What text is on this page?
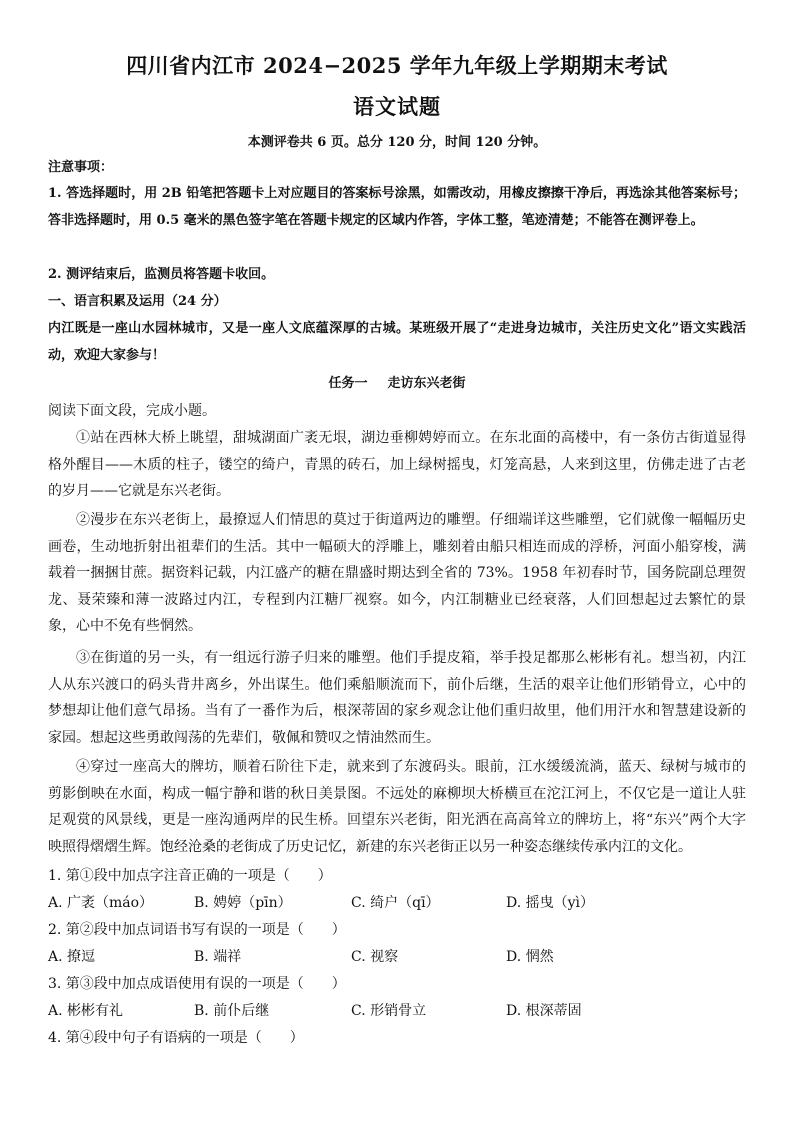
四川省内江市 2024−2025 学年九年级上学期期末考试
语文试题
本测评卷共 6 页。总分 120 分，时间 120 分钟。
注意事项：
1. 答选择题时，用 2B 铅笔把答题卡上对应题目的答案标号涂黑，如需改动，用橡皮擦擦干净后，再选涂其他答案标号；答非选择题时，用 0.5 毫米的黑色签字笔在答题卡规定的区域内作答，字体工整，笔迹清楚；不能答在测评卷上。
2. 测评结束后，监测员将答题卡收回。
一、语言积累及运用（24 分）
内江既是一座山水园林城市，又是一座人文底蕴深厚的古城。某班级开展了“走进身边城市，关注历史文化”语文实践活动，欢迎大家参与！
任务一 走访东兴老街
阅读下面文段，完成小题。
①站在西林大桥上眺望，甜城湖面广袤无垠，湖边垂柳娉婷而立。在东北面的高楼中，有一条仿古街道显得格外醒目——木质的柱子，镂空的绮户，青黑的砖石，加上绿树摇曳，灯笼高悬，人来到这里，仿佛走进了古老的岁月——它就是东兴老街。
②漫步在东兴老街上，最撩逗人们情思的莫过于街道两边的雕塑。仔细端详这些雕塑，它们就像一幅幅历史画卷，生动地折射出祖辈们的生活。其中一幅硕大的浮雕上，雕刻着由船只相连而成的浮桥，河面小船穿梭，满载着一捆捆甘蔗。据资料记载，内江盛产的糖在鼎盛时期达到全省的 73%。1958 年初春时节，国务院副总理贺龙、聂荣臻和薄一波路过内江，专程到内江糖厂视察。如今，内江制糖业已经衰落，人们回想起过去繁忙的景象，心中不免有些惘然。
③在街道的另一头，有一组远行游子归来的雕塑。他们手提皮箱，举手投足都那么彬彬有礼。想当初，内江人从东兴渡口的码头背井离乡，外出谋生。他们乘船顺流而下，前仆后继，生活的艰辛让他们形销骨立，心中的梦想却让他们意气昂扬。当有了一番作为后，根深蒂固的家乡观念让他们重归故里，他们用汗水和智慧建设新的家园。想起这些勇敢闯荡的先辈们，敬佩和赞叹之情油然而生。
④穿过一座高大的牌坊，顺着石阶往下走，就来到了东渡码头。眼前，江水缓缓流淌，蓝天、绿树与城市的剪影倒映在水面，构成一幅宁静和谐的秋日美景图。不远处的麻柳坝大桥横亘在沱江河上，不仅它是一道让人驻足观赏的风景线，更是一座沟通两岸的民生桥。回望东兴老街，阳光洒在高高耸立的牌坊上，将“东兴”两个大字映照得熠熠生辉。饱经沧桑的老街成了历史记忆，新建的东兴老街正以另一种姿态继续传承内江的文化。
1. 第①段中加点字注音正确的一项是（　　）
A. 广袤（máo）	B. 娉婷（pīn）	C. 绮户（qī）	D. 摇曳（yì）
2. 第②段中加点词语书写有误的一项是（　　）
A. 撩逗	B. 端祥	C. 视察	D. 惘然
3. 第③段中加点成语使用有误的一项是（　　）
A. 彬彬有礼	B. 前仆后继	C. 形销骨立	D. 根深蒂固
4. 第④段中句子有语病的一项是（　　）
